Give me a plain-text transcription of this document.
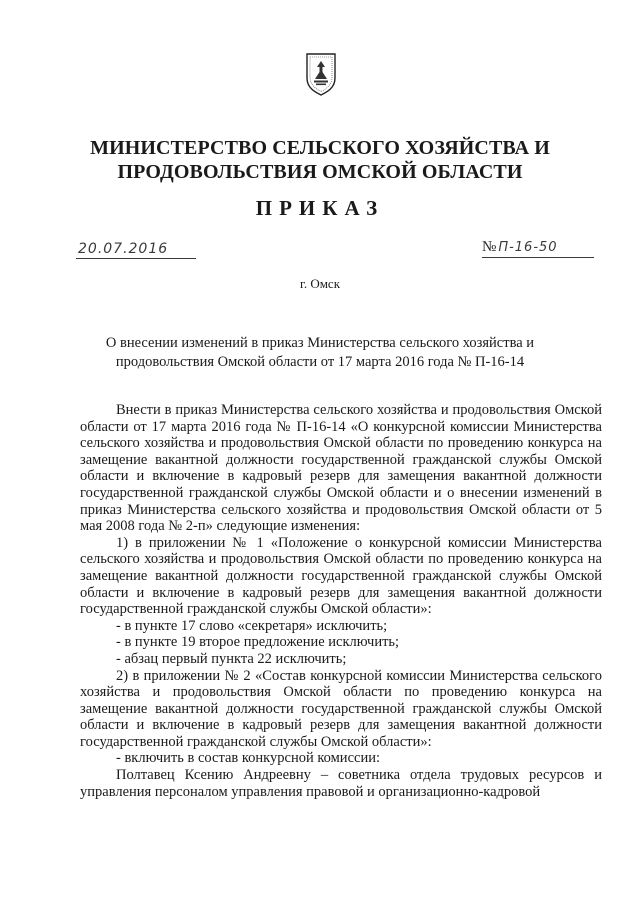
МИНИСТЕРСТВО СЕЛЬСКОГО ХОЗЯЙСТВА И
ПРОДОВОЛЬСТВИЯ ОМСКОЙ ОБЛАСТИ
ПРИКАЗ
20.07.2016	№ П-16-50
г. Омск
О внесении изменений в приказ Министерства сельского хозяйства и
продовольствия Омской области от 17 марта 2016 года № П-16-14

Внести в приказ Министерства сельского хозяйства и продовольствия Омской области от 17 марта 2016 года № П-16-14 «О конкурсной комиссии Министерства сельского хозяйства и продовольствия Омской области по проведению конкурса на замещение вакантной должности государственной гражданской службы Омской области и включение в кадровый резерв для замещения вакантной должности государственной гражданской службы Омской области и о внесении изменений в приказ Министерства сельского хозяйства и продовольствия Омской области от 5 мая 2008 года № 2-п» следующие изменения:

1) в приложении № 1 «Положение о конкурсной комиссии Министерства сельского хозяйства и продовольствия Омской области по проведению конкурса на замещение вакантной должности государственной гражданской службы Омской области и включение в кадровый резерв для замещения вакантной должности государственной гражданской службы Омской области»:

- в пункте 17 слово «секретаря» исключить;

- в пункте 19 второе предложение исключить;

- абзац первый пункта 22 исключить;

2) в приложении № 2 «Состав конкурсной комиссии Министерства сельского хозяйства и продовольствия Омской области по проведению конкурса на замещение вакантной должности государственной гражданской службы Омской области и включение в кадровый резерв для замещения вакантной должности государственной гражданской службы Омской области»:

- включить в состав конкурсной комиссии:

Полтавец Ксению Андреевну – советника отдела трудовых ресурсов и управления персоналом управления правовой и организационно-кадровой
